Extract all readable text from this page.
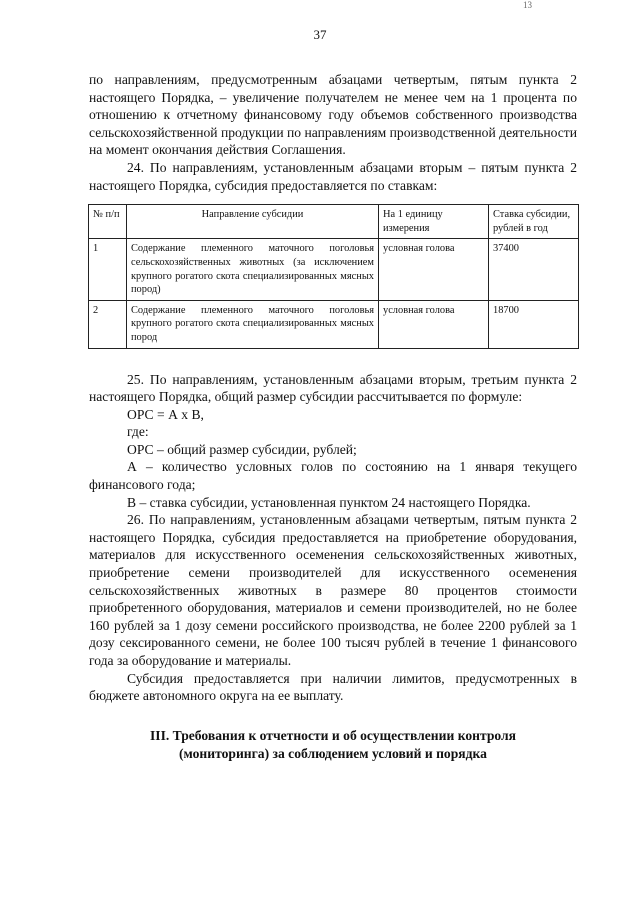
13
37

по направлениям, предусмотренным абзацами четвертым, пятым пункта 2 настоящего Порядка, – увеличение получателем не менее чем на 1 процента по отношению к отчетному финансовому году объемов собственного производства сельскохозяйственной продукции по направлениям производственной деятельности на момент окончания действия Соглашения.

24. По направлениям, установленным абзацами вторым – пятым пункта 2 настоящего Порядка, субсидия предоставляется по ставкам:

№ п/п	Направление субсидии	На 1 единицу измерения	Ставка субсидии, рублей в год
1	Содержание племенного маточного поголовья сельскохозяйственных животных (за исключением крупного рогатого скота специализированных мясных пород)	условная голова	37400
2	Содержание племенного маточного поголовья крупного рогатого скота специализированных мясных пород	условная голова	18700

25. По направлениям, установленным абзацами вторым, третьим пункта 2 настоящего Порядка, общий размер субсидии рассчитывается по формуле:

ОРС = А х В,

где:

ОРС – общий размер субсидии, рублей;

А – количество условных голов по состоянию на 1 января текущего финансового года;

В – ставка субсидии, установленная пунктом 24 настоящего Порядка.

26. По направлениям, установленным абзацами четвертым, пятым пункта 2 настоящего Порядка, субсидия предоставляется на приобретение оборудования, материалов для искусственного осеменения сельскохозяйственных животных, приобретение семени производителей для искусственного осеменения сельскохозяйственных животных в размере 80 процентов стоимости приобретенного оборудования, материалов и семени производителей, но не более 160 рублей за 1 дозу семени российского производства, не более 2200 рублей за 1 дозу сексированного семени, не более 100 тысяч рублей в течение 1 финансового года за оборудование и материалы.

Субсидия предоставляется при наличии лимитов, предусмотренных в бюджете автономного округа на ее выплату.

III. Требования к отчетности и об осуществлении контроля
(мониторинга) за соблюдением условий и порядка
